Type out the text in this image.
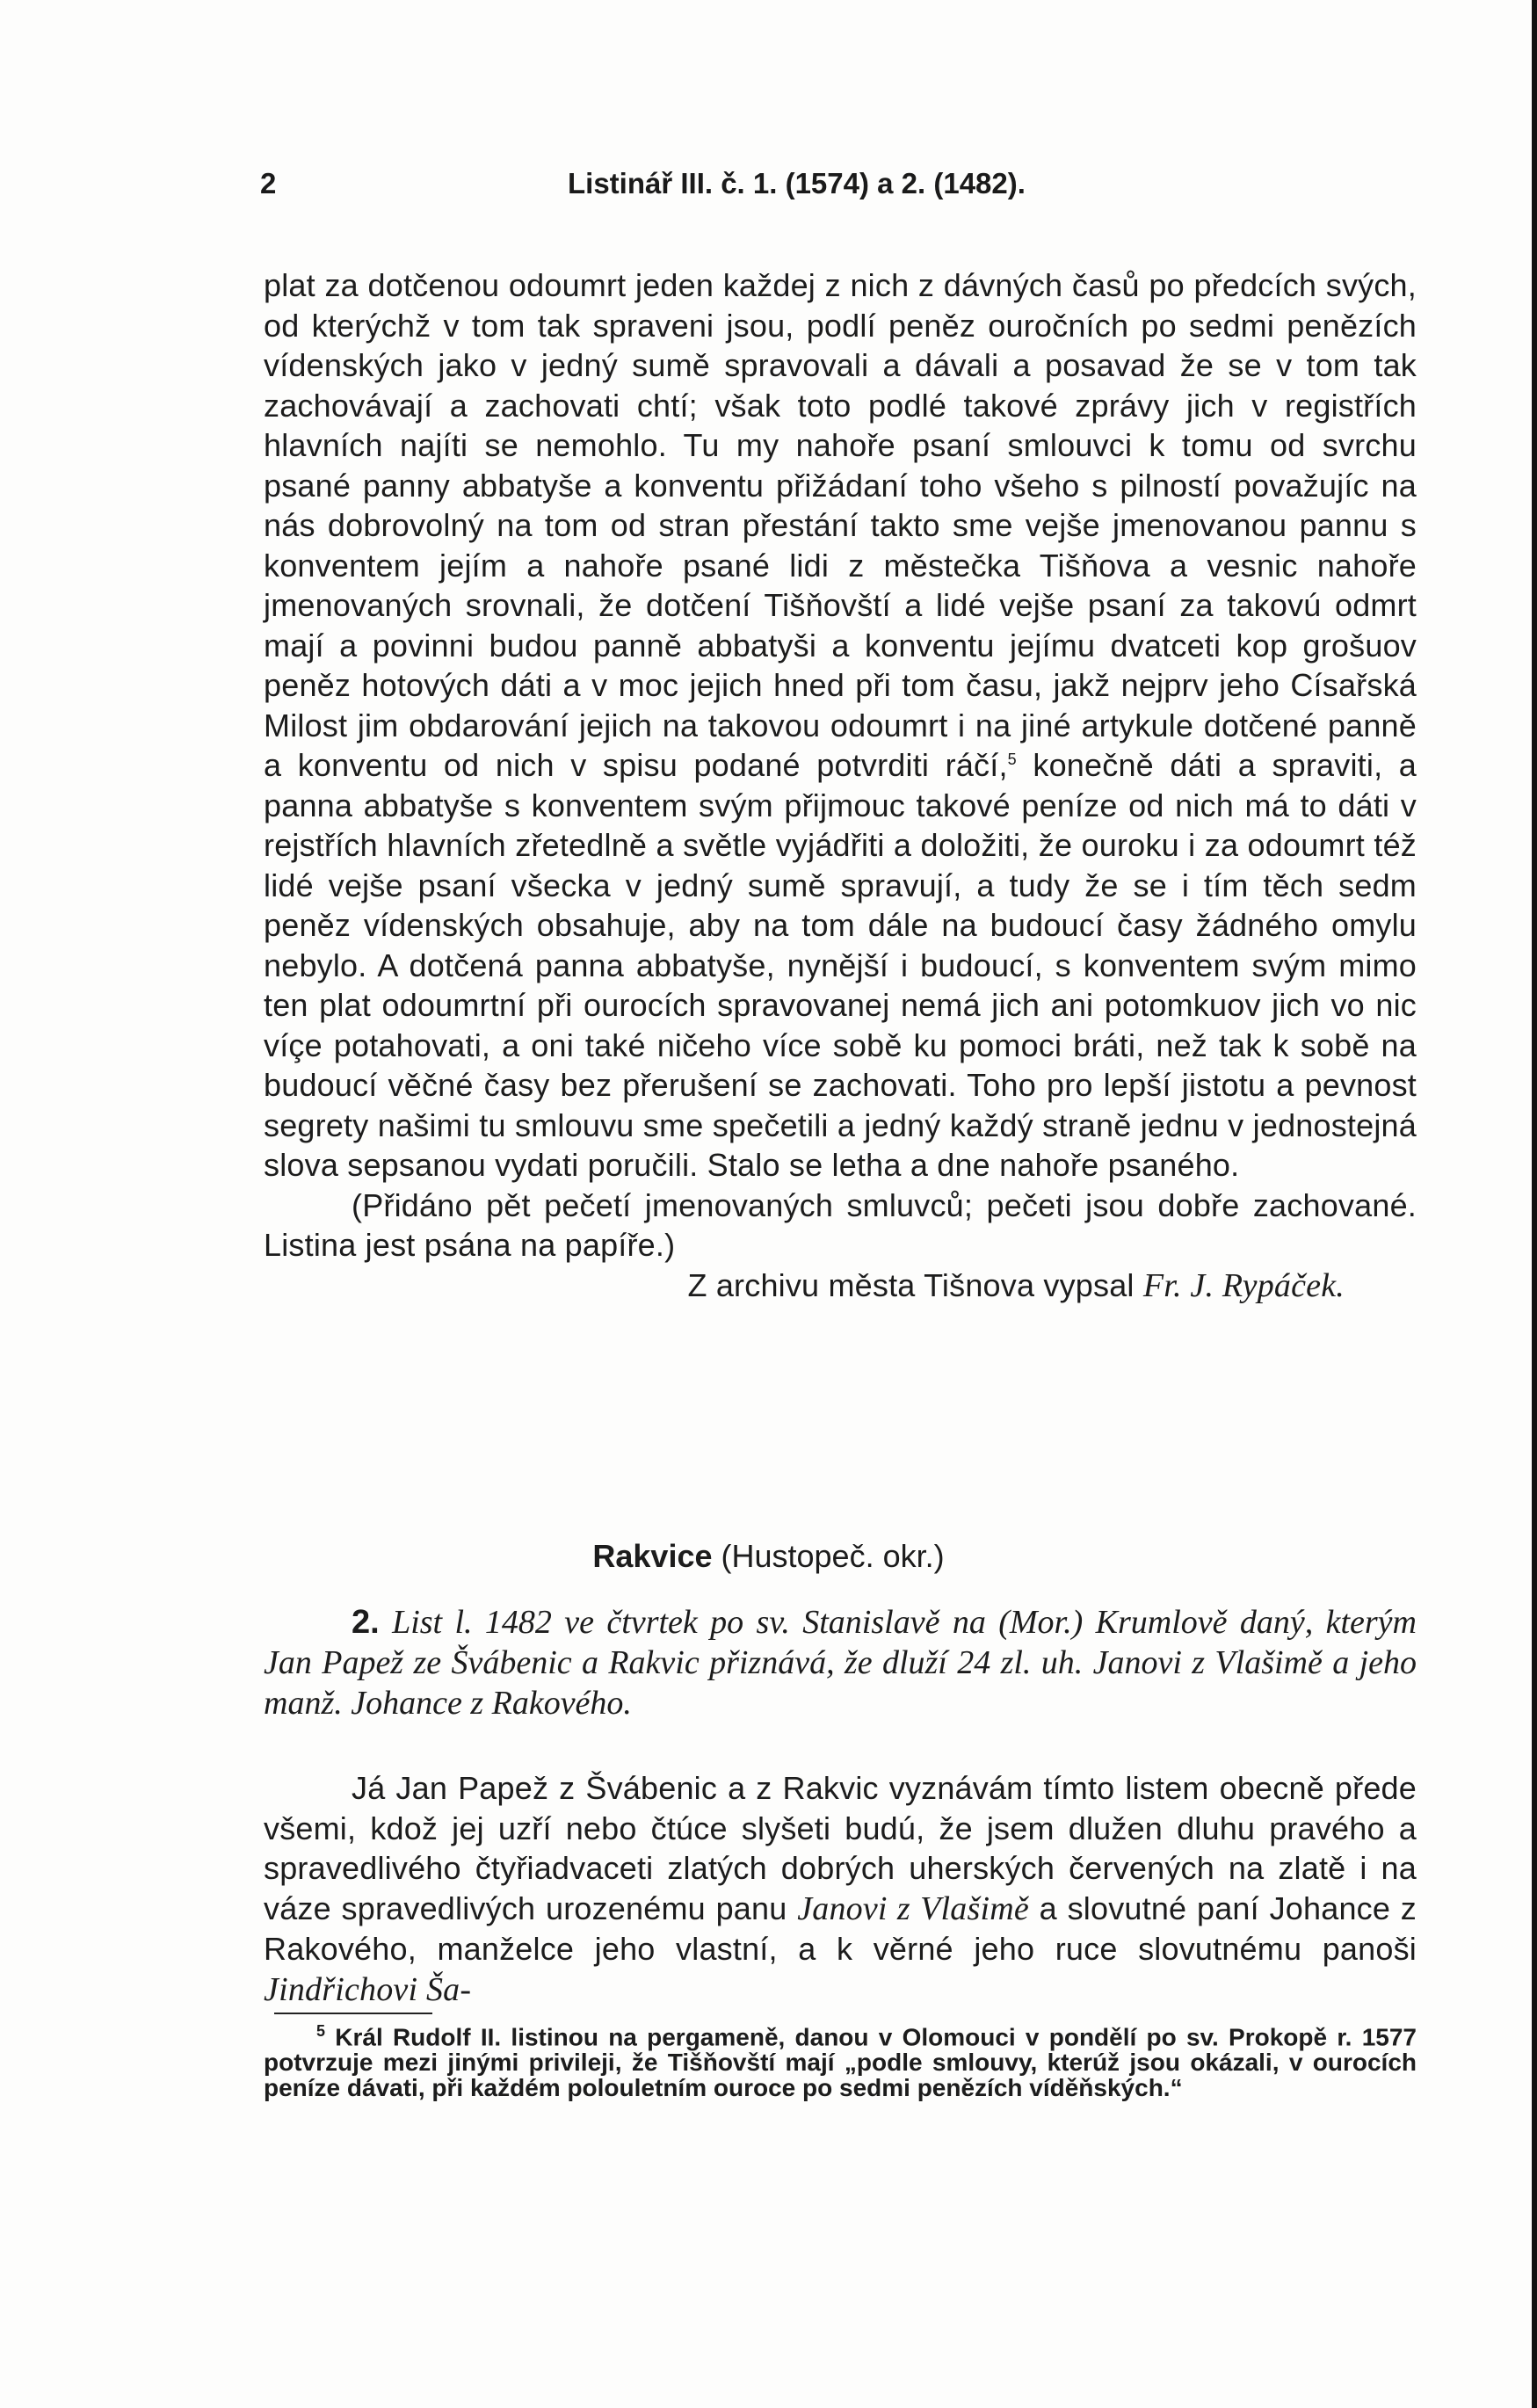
2	Listinář III. č. 1. (1574) a 2. (1482).

plat za dotčenou odoumrt jeden každej z nich z dávných časů po předcích svých, od kterýchž v tom tak spraveni jsou, podlí peněz ouročních po sedmi penězích vídenských jako v jedný sumě spravovali a dávali a posavad že se v tom tak zachovávají a zachovati chtí; však toto podlé takové zprávy jich v registřích hlavních najíti se nemohlo. Tu my nahoře psaní smlouvci k tomu od svrchu psané panny abbatyše a konventu přižádaní toho všeho s pilností považujíc na nás dobrovolný na tom od stran přestání takto sme vejše jmenovanou pannu s konventem jejím a nahoře psané lidi z městečka Tišňova a vesnic nahoře jmenovaných srovnali, že dotčení Tišňovští a lidé vejše psaní za takovú odmrt mají a povinni budou panně abbatyši a konventu jejímu dvatceti kop grošuov peněz hotových dáti a v moc jejich hned při tom času, jakž nejprv jeho Císařská Milost jim obdarování jejich na takovou odoumrt i na jiné artykule dotčené panně a konventu od nich v spisu podané potvrditi ráčí,$^5$ konečně dáti a spraviti, a panna abbatyše s konventem svým přijmouc takové peníze od nich má to dáti v rejstřích hlavních zřetedlně a světle vyjádřiti a doložiti, že ouroku i za odoumrt též lidé vejše psaní všeckа v jedný sumě spravují, a tudy že se i tím těch sedm peněz vídenských obsahuje, aby na tom dále na budoucí časy žádného omylu nebylo. A dotčená panna abbatyše, nynější i budoucí, s konventem svým mimo ten plat odoumrtní při ourocích spravovanej nemá jich ani potomkuov jich vo nic víçe potahovati, a oni také ničeho více sobě ku pomoci bráti, než tak k sobě na budoucí věčné časy bez přerušení se zachovati. Toho pro lepší jistotu a pevnost segrety našimi tu smlouvu sme spečetili a jedný každý straně jednu v jednostejná slova sepsanou vydati poručili. Stalo se letha a dne nahoře psaného.

(Přidáno pět pečetí jmenovaných smluvců; pečeti jsou dobře zachované. Listina jest psána na papíře.)

Z archivu města Tišnova vypsal Fr. J. Rypáček.

Rakvice (Hustopeč. okr.)
2. List l. 1482 ve čtvrtek po sv. Stanislavě na (Mor.) Krumlově daný, kterým Jan Papež ze Švábenic a Rakvic přiznává, že dluží 24 zl. uh. Janovi z Vlašimě a jeho manž. Johance z Rakového.

Já Jan Papež z Švábenic a z Rakvic vyznávám tímto listem obecně přede všemi, kdož jej uzří nebo čtúce slyšeti budú, že jsem dlužen dluhu pravého a spravedlivého čtyřiadvaceti zlatých dobrých uherských červených na zlatě i na váze spravedlivých urozenému panu Janovi z Vlašimě a slovutné paní Johance z Rakového, manželce jeho vlastní, a k věrné jeho ruce slovutnému panoši Jindřichovi Ša-

$^5$ Král Rudolf II. listinou na pergameně, danou v Olomouci v pondělí po sv. Prokopě r. 1577 potvrzuje mezi jinými privileji, že Tišňovští mají „podle smlouvy, kterúž jsou okázali, v ourocích peníze dávati, při každém polouletním ouroce po sedmi penězích víděňských.“
